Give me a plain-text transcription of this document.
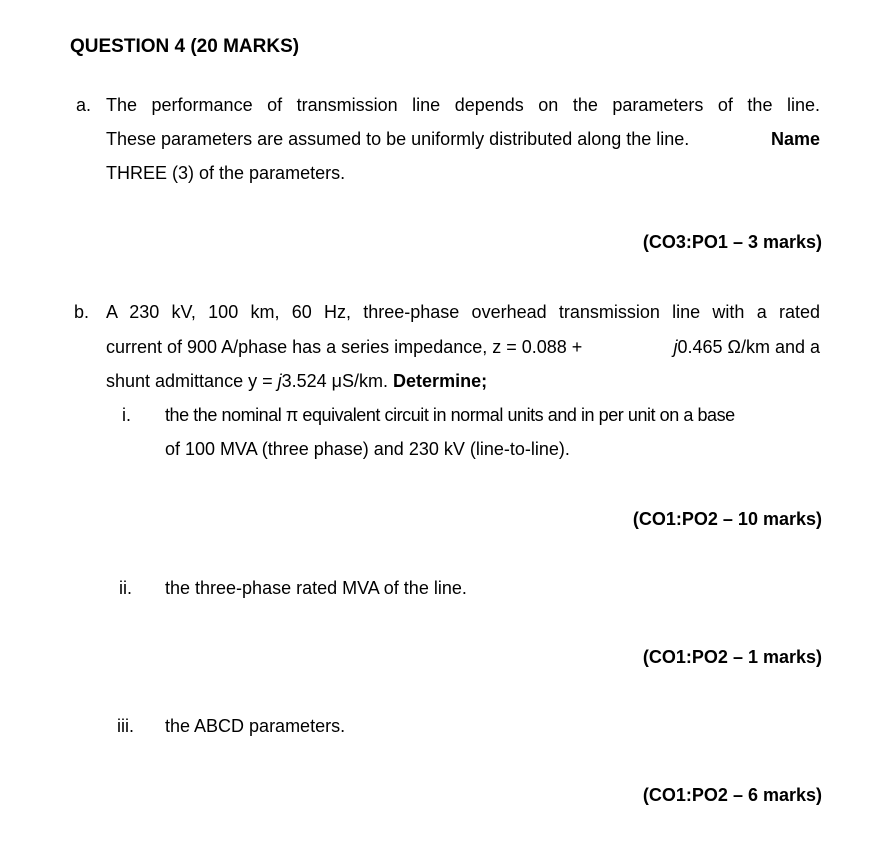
QUESTION 4 (20 MARKS)
a. The performance of transmission line depends on the parameters of the line.
These parameters are assumed to be uniformly distributed along the line.	Name
THREE (3) of the parameters.
(CO3:PO1 – 3 marks)
b. A 230 kV, 100 km, 60 Hz, three-phase overhead transmission line with a rated
current of 900 A/phase has a series impedance, z = 0.088 +	j0.465 Ω/km and a
shunt admittance y = j3.524 μS/km. Determine;
i. the the nominal π equivalent circuit in normal units and in per unit on a base
of 100 MVA (three phase) and 230 kV (line-to-line).
(CO1:PO2 – 10 marks)
ii. the three-phase rated MVA of the line.
(CO1:PO2 – 1 marks)
iii. the ABCD parameters.
(CO1:PO2 – 6 marks)
